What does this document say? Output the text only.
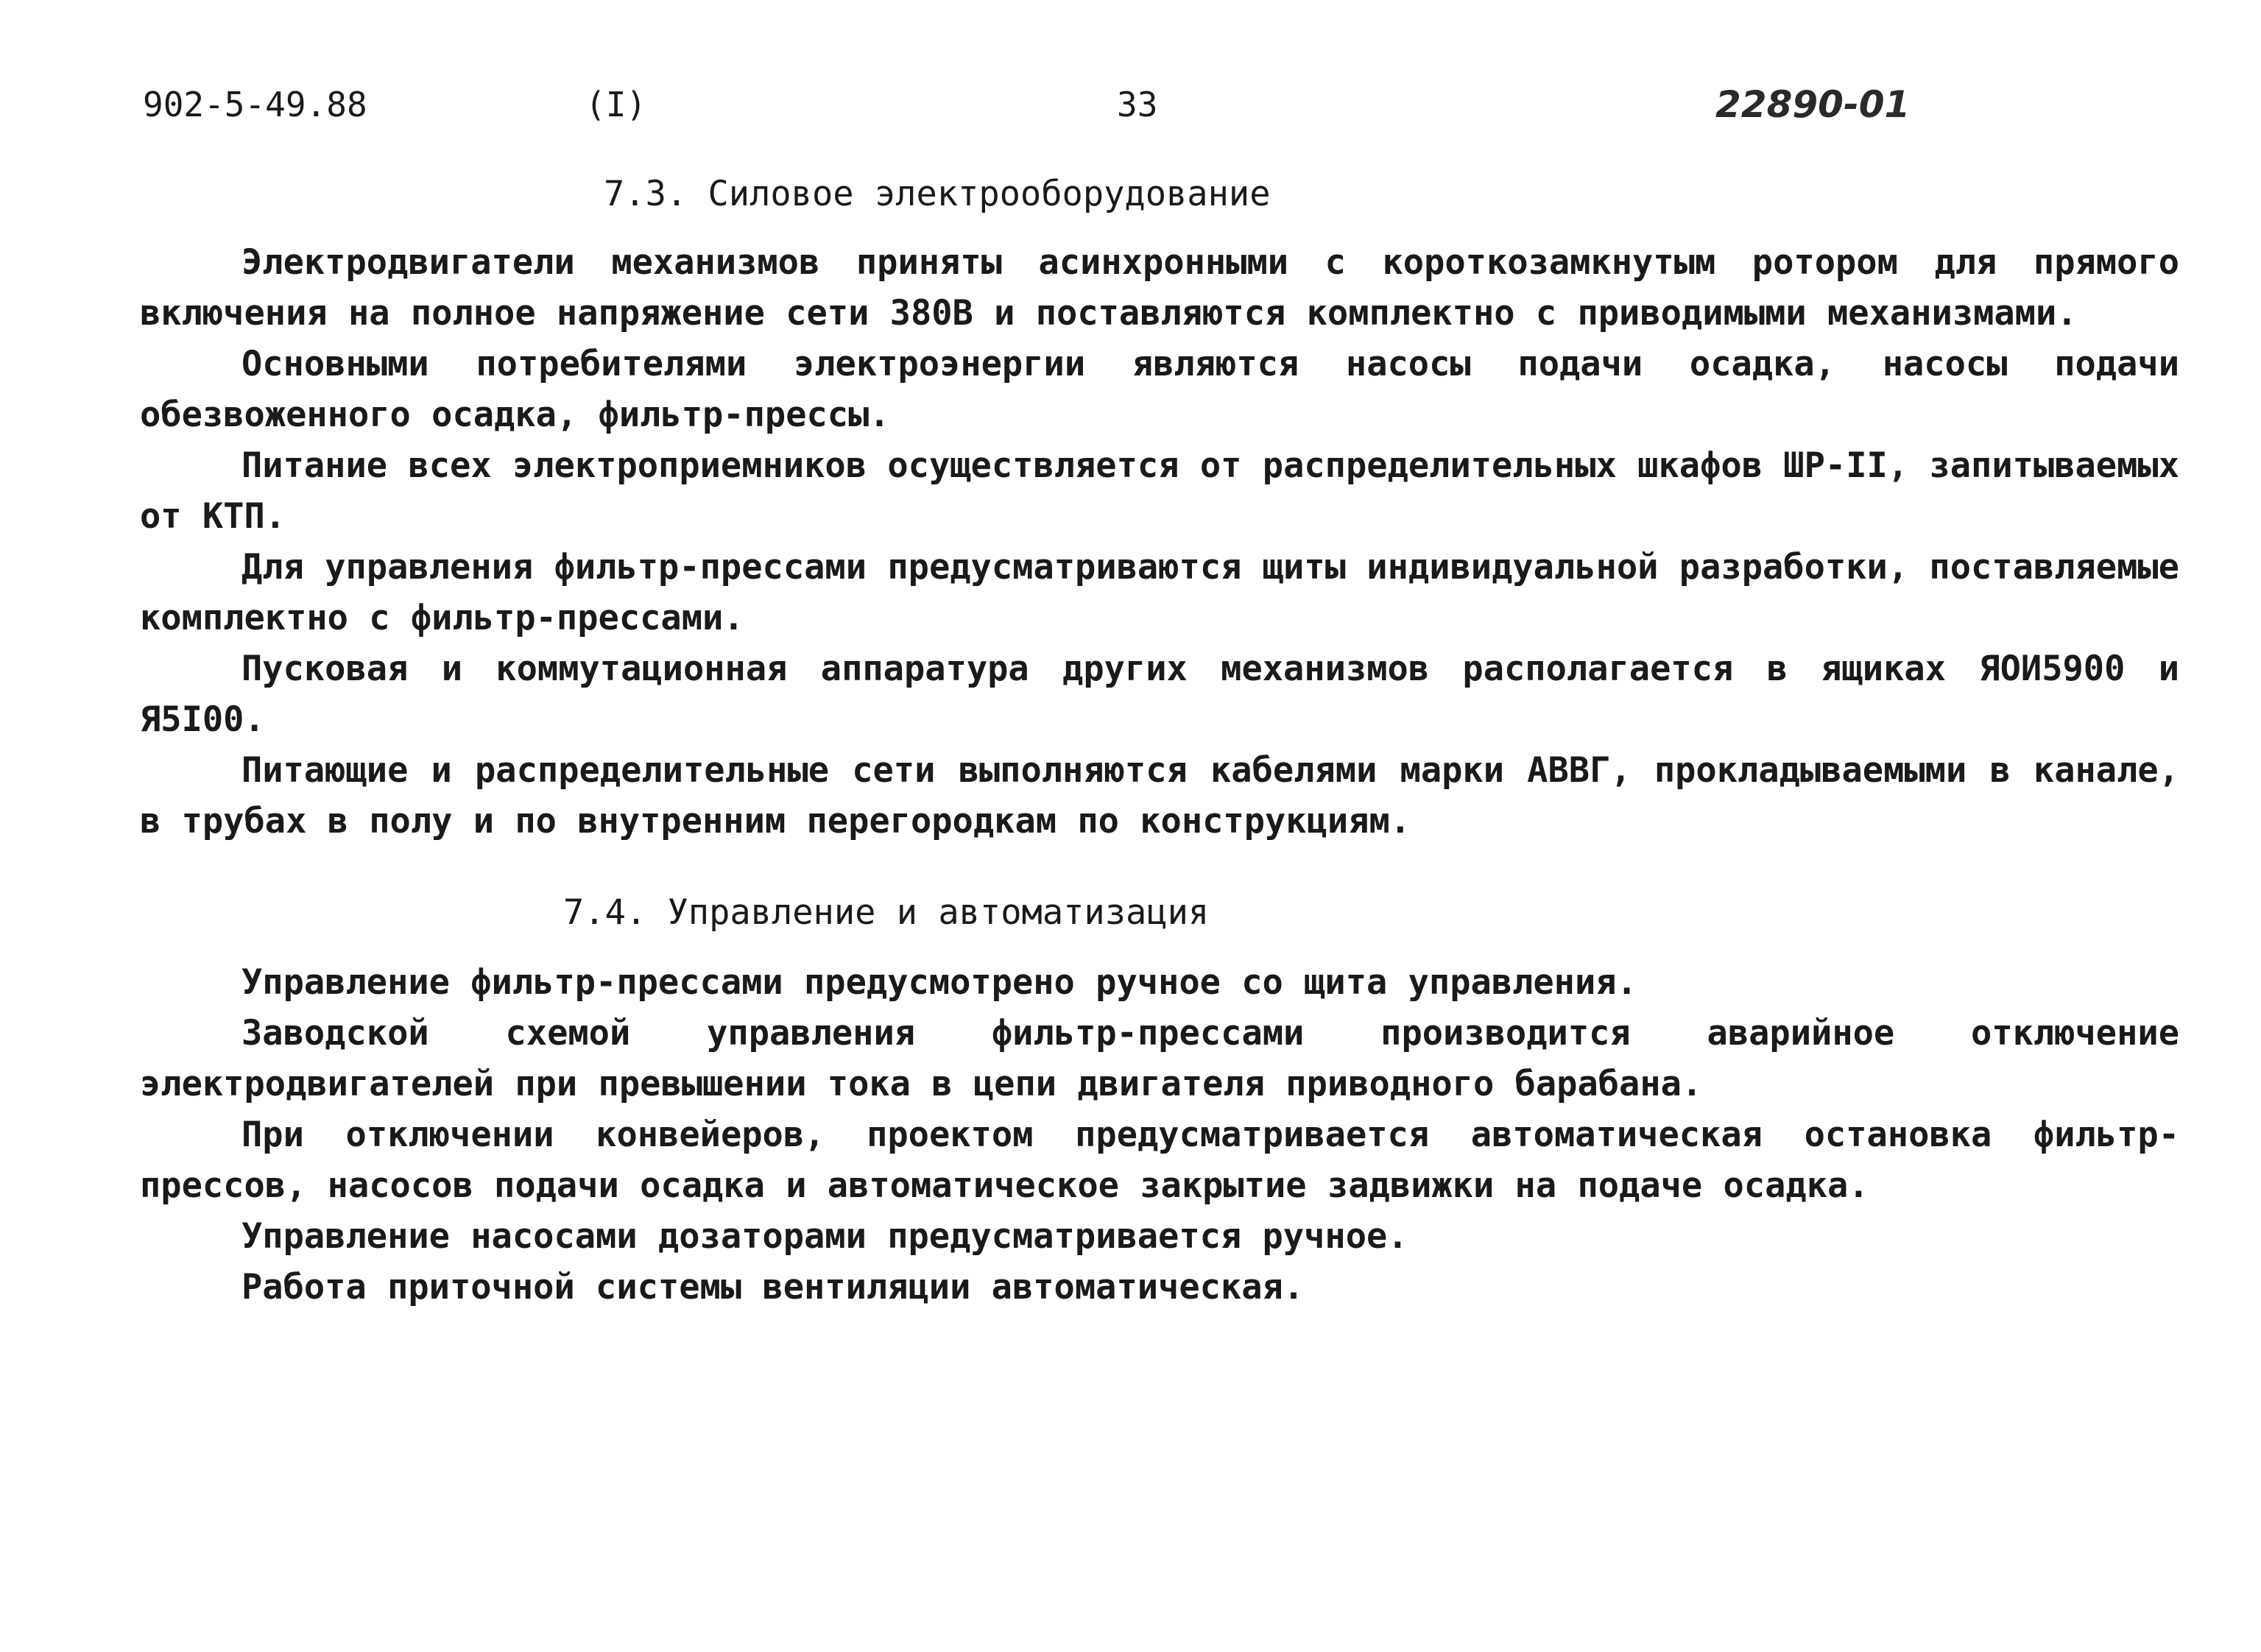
902-5-49.88	(I)	33	22890-01
7.3. Силовое электрооборудование

Электродвигатели механизмов приняты асинхронными с короткозамкнутым ротором для прямого включения на полное напряжение сети 380В и поставляются комплектно с приводимыми механизмами.

Основными потребителями электроэнергии являются насосы подачи осадка, насосы подачи обезвоженного осадка, фильтр-прессы.

Питание всех электроприемников осуществляется от распределительных шкафов ШР-II, запитываемых от КТП.

Для управления фильтр-прессами предусматриваются щиты индивидуальной разработки, поставляемые комплектно с фильтр-прессами.

Пусковая и коммутационная аппаратура других механизмов располагается в ящиках ЯОИ5900 и Я5I00.

Питающие и распределительные сети выполняются кабелями марки АВВГ, прокладываемыми в канале, в трубах в полу и по внутренним перегородкам по конструкциям.

7.4. Управление и автоматизация

Управление фильтр-прессами предусмотрено ручное со щита управления.

Заводской схемой управления фильтр-прессами производится аварийное отключение электродвигателей при превышении тока в цепи двигателя приводного барабана.

При отключении конвейеров, проектом предусматривается автоматическая остановка фильтр-прессов, насосов подачи осадка и автоматическое закрытие задвижки на подаче осадка.

Управление насосами дозаторами предусматривается ручное.

Работа приточной системы вентиляции автоматическая.
